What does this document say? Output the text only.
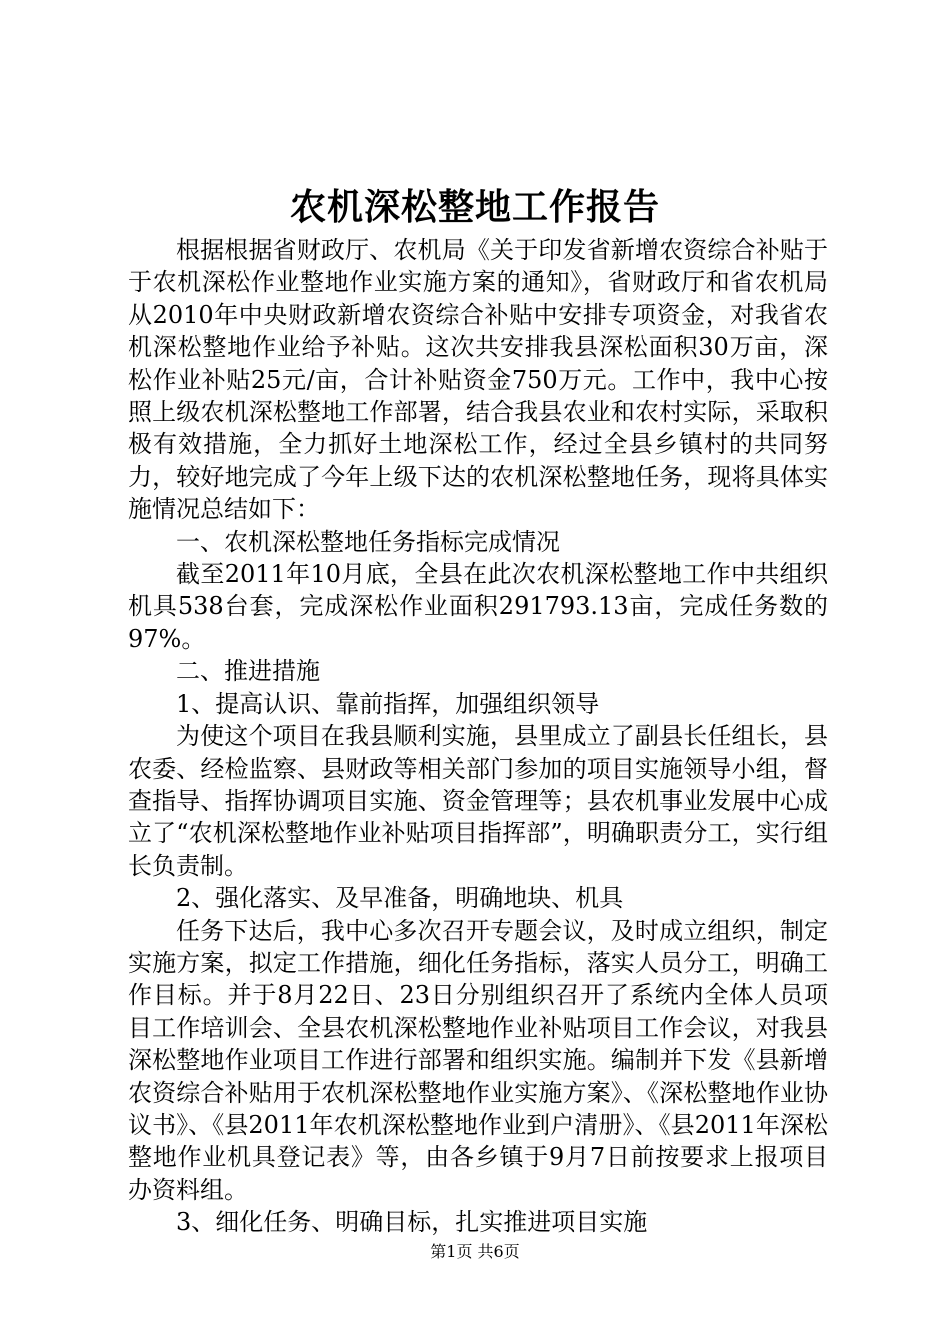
农机深松整地工作报告

根据根据省财政厅、农机局《关于印发省新增农资综合补贴于于农机深松作业整地作业实施方案的通知》，省财政厅和省农机局从2010年中央财政新增农资综合补贴中安排专项资金，对我省农机深松整地作业给予补贴。这次共安排我县深松面积30万亩，深松作业补贴25元/亩，合计补贴资金750万元。工作中，我中心按照上级农机深松整地工作部署，结合我县农业和农村实际，采取积极有效措施，全力抓好土地深松工作，经过全县乡镇村的共同努力，较好地完成了今年上级下达的农机深松整地任务，现将具体实施情况总结如下：

一、农机深松整地任务指标完成情况

截至2011年10月底，全县在此次农机深松整地工作中共组织机具538台套，完成深松作业面积291793.13亩，完成任务数的97%。

二、推进措施

1、提高认识、靠前指挥，加强组织领导

为使这个项目在我县顺利实施，县里成立了副县长任组长，县农委、经检监察、县财政等相关部门参加的项目实施领导小组，督查指导、指挥协调项目实施、资金管理等；县农机事业发展中心成立了“农机深松整地作业补贴项目指挥部”，明确职责分工，实行组长负责制。

2、强化落实、及早准备，明确地块、机具

任务下达后，我中心多次召开专题会议，及时成立组织，制定实施方案，拟定工作措施，细化任务指标，落实人员分工，明确工作目标。并于8月22日、23日分别组织召开了系统内全体人员项目工作培训会、全县农机深松整地作业补贴项目工作会议，对我县深松整地作业项目工作进行部署和组织实施。编制并下发《县新增农资综合补贴用于农机深松整地作业实施方案》、《深松整地作业协议书》、《县2011年农机深松整地作业到户清册》、《县2011年深松整地作业机具登记表》等，由各乡镇于9月7日前按要求上报项目办资料组。

3、细化任务、明确目标，扎实推进项目实施

第1页 共6页
